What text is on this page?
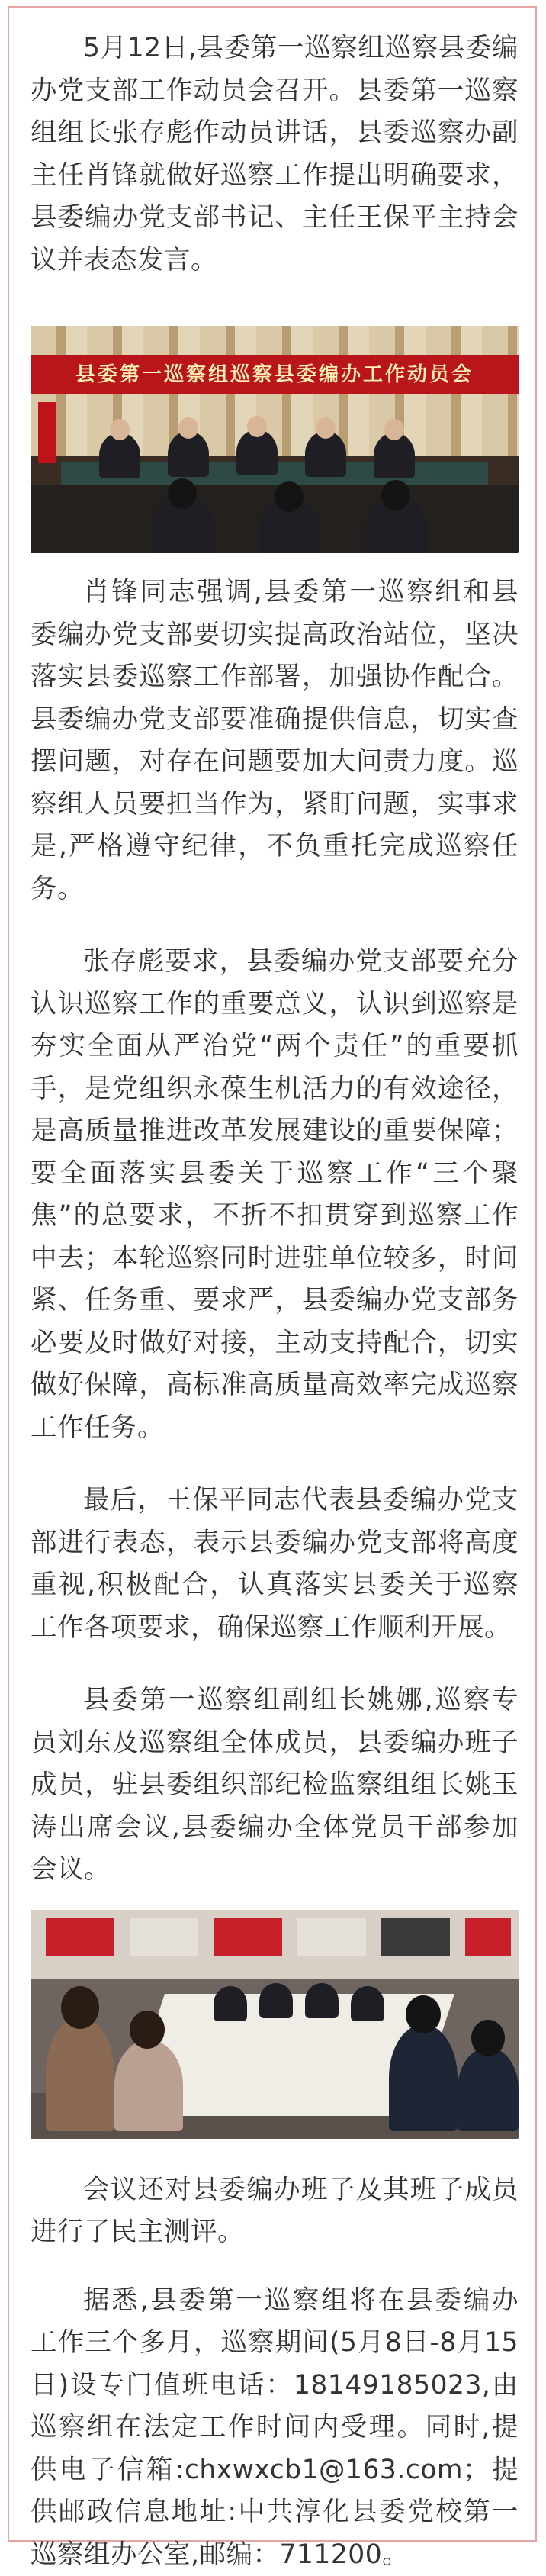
5月12日,县委第一巡察组巡察县委编办党支部工作动员会召开。县委第一巡察组组长张存彪作动员讲话，县委巡察办副主任肖锋就做好巡察工作提出明确要求，县委编办党支部书记、主任王保平主持会议并表态发言。

县委第一巡察组巡察县委编办工作动员会

肖锋同志强调,县委第一巡察组和县委编办党支部要切实提高政治站位，坚决落实县委巡察工作部署，加强协作配合。县委编办党支部要准确提供信息，切实查摆问题，对存在问题要加大问责力度。巡察组人员要担当作为，紧盯问题，实事求是,严格遵守纪律，不负重托完成巡察任务。

张存彪要求，县委编办党支部要充分认识巡察工作的重要意义，认识到巡察是夯实全面从严治党“两个责任”的重要抓手，是党组织永葆生机活力的有效途径，是高质量推进改革发展建设的重要保障；要全面落实县委关于巡察工作“三个聚焦”的总要求，不折不扣贯穿到巡察工作中去；本轮巡察同时进驻单位较多，时间紧、任务重、要求严，县委编办党支部务必要及时做好对接，主动支持配合，切实做好保障，高标准高质量高效率完成巡察工作任务。

最后，王保平同志代表县委编办党支部进行表态，表示县委编办党支部将高度重视,积极配合，认真落实县委关于巡察工作各项要求，确保巡察工作顺利开展。

县委第一巡察组副组长姚娜,巡察专员刘东及巡察组全体成员，县委编办班子成员，驻县委组织部纪检监察组组长姚玉涛出席会议,县委编办全体党员干部参加会议。

会议还对县委编办班子及其班子成员进行了民主测评。

据悉,县委第一巡察组将在县委编办工作三个多月，巡察期间(5月8日-8月15日)设专门值班电话：18149185023,由巡察组在法定工作时间内受理。同时,提供电子信箱:chxwxcb1@163.com；提供邮政信息地址:中共淳化县委党校第一巡察组办公室,邮编：711200。
